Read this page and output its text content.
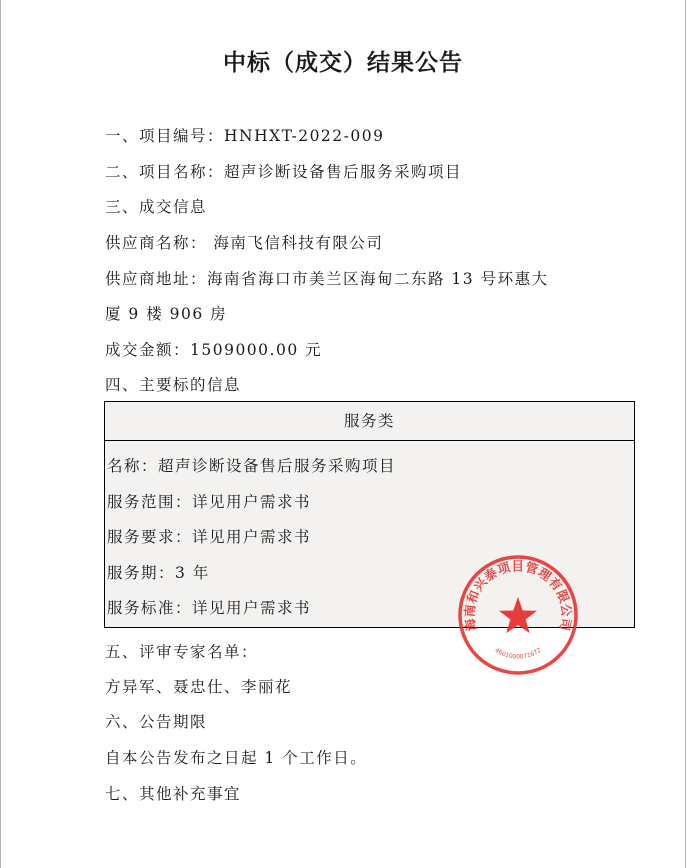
中标（成交）结果公告
一、项目编号：HNHXT-2022-009
二、项目名称：超声诊断设备售后服务采购项目
三、成交信息
供应商名称： 海南飞信科技有限公司
供应商地址：海南省海口市美兰区海甸二东路 13 号环惠大
厦 9 楼 906 房
成交金额：1509000.00 元
四、主要标的信息
服务类
名称：超声诊断设备售后服务采购项目
服务范围：详见用户需求书
服务要求：详见用户需求书
服务期：3 年
服务标准：详见用户需求书
五、评审专家名单：
方异军、聂忠仕、李丽花
六、公告期限
自本公告发布之日起 1 个工作日。
七、其他补充事宜
海南和兴泰项目管理有限公司
4601000071672
